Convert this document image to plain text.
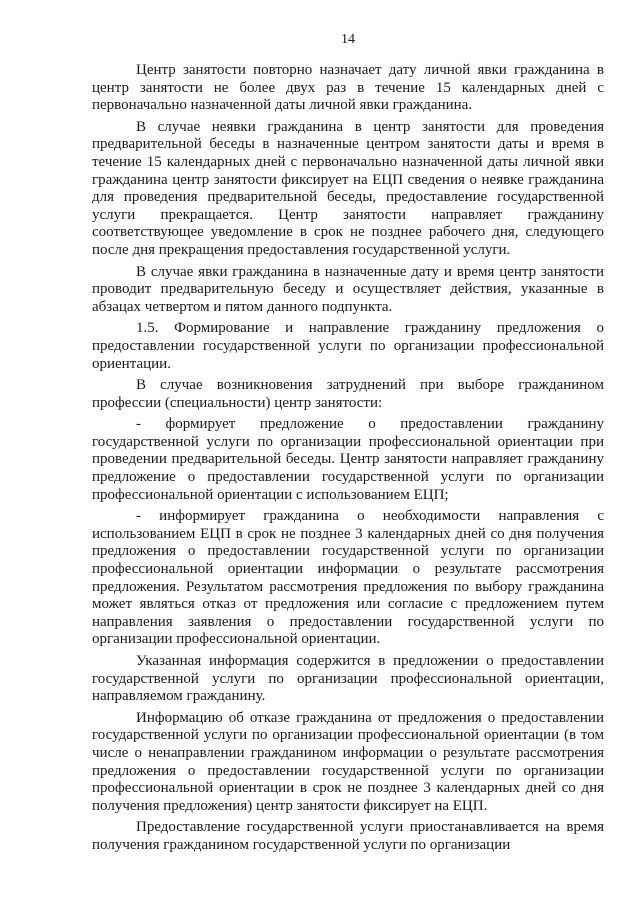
14

Центр занятости повторно назначает дату личной явки гражданина в центр занятости не более двух раз в течение 15 календарных дней с первоначально назначенной даты личной явки гражданина.

В случае неявки гражданина в центр занятости для проведения предварительной беседы в назначенные центром занятости даты и время в течение 15 календарных дней с первоначально назначенной даты личной явки гражданина центр занятости фиксирует на ЕЦП сведения о неявке гражданина для проведения предварительной беседы, предоставление государственной услуги прекращается. Центр занятости направляет гражданину соответствующее уведомление в срок не позднее рабочего дня, следующего после дня прекращения предоставления государственной услуги.

В случае явки гражданина в назначенные дату и время центр занятости проводит предварительную беседу и осуществляет действия, указанные в абзацах четвертом и пятом данного подпункта.

1.5. Формирование и направление гражданину предложения о предоставлении государственной услуги по организации профессиональной ориентации.

В случае возникновения затруднений при выборе гражданином профессии (специальности) центр занятости:

- формирует предложение о предоставлении гражданину государственной услуги по организации профессиональной ориентации при проведении предварительной беседы. Центр занятости направляет гражданину предложение о предоставлении государственной услуги по организации профессиональной ориентации с использованием ЕЦП;

- информирует гражданина о необходимости направления с использованием ЕЦП в срок не позднее 3 календарных дней со дня получения предложения о предоставлении государственной услуги по организации профессиональной ориентации информации о результате рассмотрения предложения. Результатом рассмотрения предложения по выбору гражданина может являться отказ от предложения или согласие с предложением путем направления заявления о предоставлении государственной услуги по организации профессиональной ориентации.

Указанная информация содержится в предложении о предоставлении государственной услуги по организации профессиональной ориентации, направляемом гражданину.

Информацию об отказе гражданина от предложения о предоставлении государственной услуги по организации профессиональной ориентации (в том числе о ненаправлении гражданином информации о результате рассмотрения предложения о предоставлении государственной услуги по организации профессиональной ориентации в срок не позднее 3 календарных дней со дня получения предложения) центр занятости фиксирует на ЕЦП.

Предоставление государственной услуги приостанавливается на время получения гражданином государственной услуги по организации
